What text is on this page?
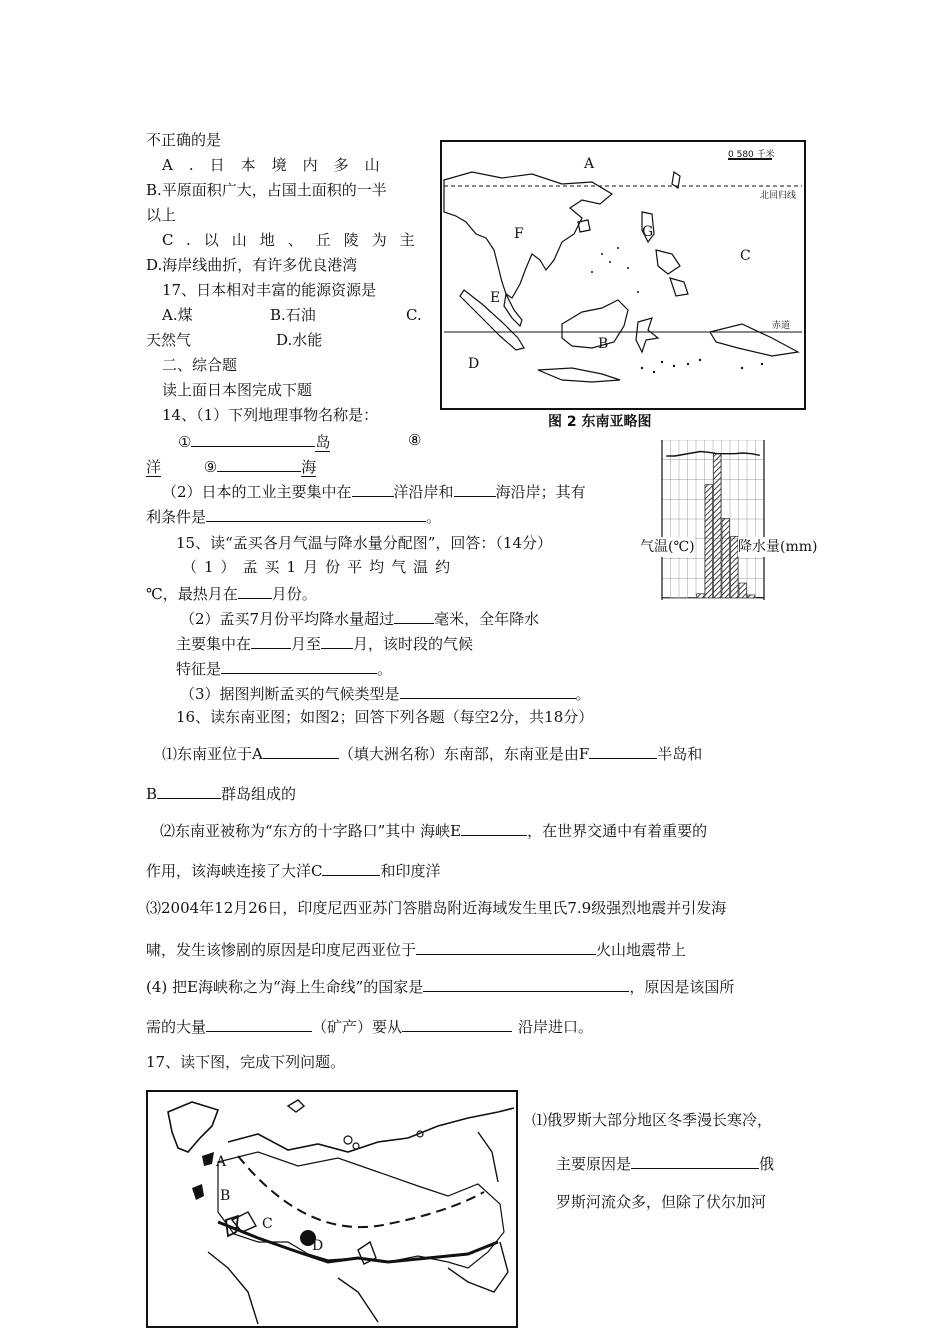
不正确的是
A.日本境内多山
B.平原面积广大，占国土面积的一半
以上
C.以山地、丘陵为主
D.海岸线曲折，有许多优良港湾
17、日本相对丰富的能源资源是
A.煤	B.石油	C.
天然气	D.水能
二、综合题
读上面日本图完成下题
14、（1）下列地理事物名称是：
①	岛	⑧
洋	⑨	海
（2）日本的工业主要集中在	洋沿岸和	海沿岸；其有
利条件是	。
15、读“孟买各月气温与降水量分配图”，回答：（14分）
（1）孟买1月份平均气温约
℃，最热月在 月份。
（2）孟买7月份平均降水量超过	毫米，全年降水
主要集中在	月至 月，该时段的气候
特征是	。
（3）据图判断孟买的气候类型是	。
16、读东南亚图；如图2；回答下列各题（每空2分，共18分）
0 580 千米
北回归线
赤道
A
B
C
D
E
F	G
图 2 东南亚略图
气温(℃)	降水量(mm)
⑴东南亚位于A	（填大洲名称）东南部，东南亚是由F	半岛和
B	群岛组成的
⑵东南亚被称为“东方的十字路口”其中 海峡E	，在世界交通中有着重要的
作用，该海峡连接了大洋C	和印度洋
⑶2004年12月26日，印度尼西亚苏门答腊岛附近海域发生里氏7.9级强烈地震并引发海
啸，发生该惨剧的原因是印度尼西亚位于	火山地震带上
(4) 把E海峡称之为“海上生命线”的国家是	，原因是该国所
需的大量	（矿产）要从	沿岸进口。
17、读下图，完成下列问题。
A
B
C
D
⑴俄罗斯大部分地区冬季漫长寒冷，
主要原因是	俄
罗斯河流众多，但除了伏尔加河
